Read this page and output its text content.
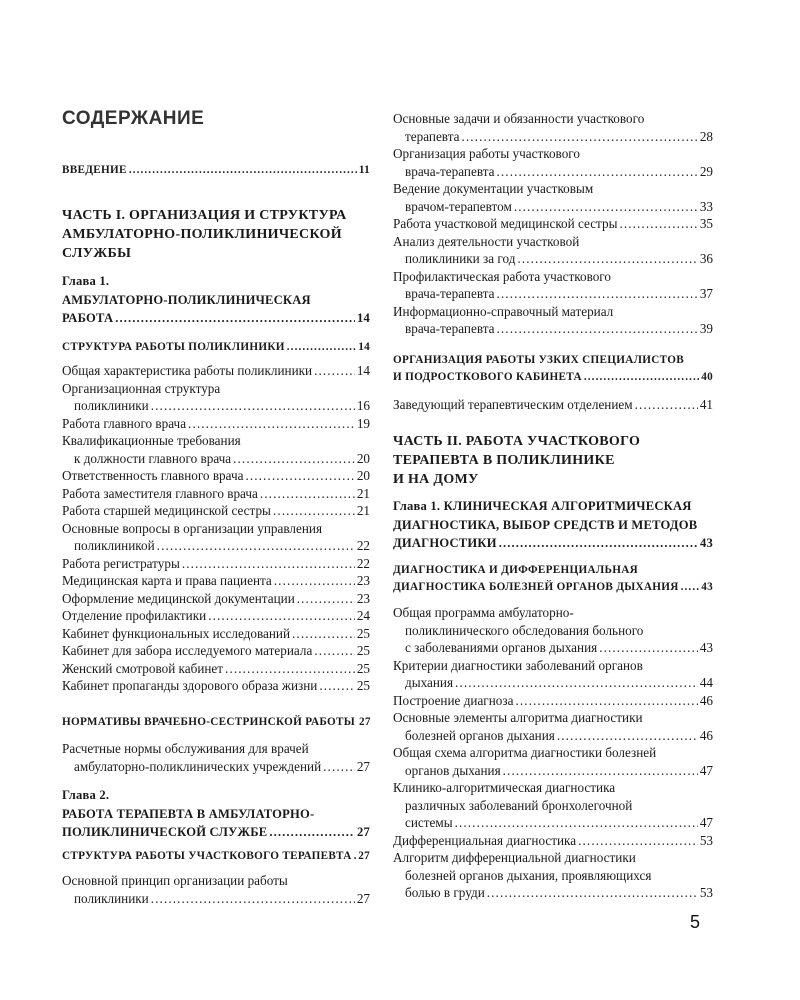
СОДЕРЖАНИЕ
ВВЕДЕНИЕ .....	11
ЧАСТЬ I. ОРГАНИЗАЦИЯ И СТРУКТУРА
АМБУЛАТОРНО-ПОЛИКЛИНИЧЕСКОЙ
СЛУЖБЫ
Глава 1.
АМБУЛАТОРНО-ПОЛИКЛИНИЧЕСКАЯ
РАБОТА .....	14
СТРУКТУРА РАБОТЫ ПОЛИКЛИНИКИ .....	14
Общая характеристика работы поликлиники .....	14
Организационная структура
поликлиники .....	16
Работа главного врача .....	19
Квалификационные требования
к должности главного врача .....	20
Ответственность главного врача .....	20
Работа заместителя главного врача .....	21
Работа старшей медицинской сестры .....	21
Основные вопросы в организации управления
поликлиникой .....	22
Работа регистратуры .....	22
Медицинская карта и права пациента .....	23
Оформление медицинской документации .....	23
Отделение профилактики .....	24
Кабинет функциональных исследований .....	25
Кабинет для забора исследуемого материала .....	25
Женский смотровой кабинет .....	25
Кабинет пропаганды здорового образа жизни .....	25
НОРМАТИВЫ ВРАЧЕБНО-СЕСТРИНСКОЙ РАБОТЫ 27
Расчетные нормы обслуживания для врачей
амбулаторно-поликлинических учреждений .....	27
Глава 2.
РАБОТА ТЕРАПЕВТА В АМБУЛАТОРНО-
ПОЛИКЛИНИЧЕСКОЙ СЛУЖБЕ .....	27
СТРУКТУРА РАБОТЫ УЧАСТКОВОГО ТЕРАПЕВТА ..... 27
Основной принцип организации работы
поликлиники .....	27
Основные задачи и обязанности участкового
терапевта .....	28
Организация работы участкового
врача-терапевта .....	29
Ведение документации участковым
врачом-терапевтом .....	33
Работа участковой медицинской сестры .....	35
Анализ деятельности участковой
поликлиники за год .....	36
Профилактическая работа участкового
врача-терапевта .....	37
Информационно-справочный материал
врача-терапевта .....	39
ОРГАНИЗАЦИЯ РАБОТЫ УЗКИХ СПЕЦИАЛИСТОВ
И ПОДРОСТКОВОГО КАБИНЕТА .....	40
Заведующий терапевтическим отделением .....	41
ЧАСТЬ II. РАБОТА УЧАСТКОВОГО
ТЕРАПЕВТА В ПОЛИКЛИНИКЕ
И НА ДОМУ
Глава 1. КЛИНИЧЕСКАЯ АЛГОРИТМИЧЕСКАЯ
ДИАГНОСТИКА, ВЫБОР СРЕДСТВ И МЕТОДОВ
ДИАГНОСТИКИ .....	43
ДИАГНОСТИКА И ДИФФЕРЕНЦИАЛЬНАЯ
ДИАГНОСТИКА БОЛЕЗНЕЙ ОРГАНОВ ДЫХАНИЯ ..... 43
Общая программа амбулаторно-
поликлинического обследования больного
с заболеваниями органов дыхания .....	43
Критерии диагностики заболеваний органов
дыхания .....	44
Построение диагноза .....	46
Основные элементы алгоритма диагностики
болезней органов дыхания .....	46
Общая схема алгоритма диагностики болезней
органов дыхания .....	47
Клинико-алгоритмическая диагностика
различных заболеваний бронхолегочной
системы .....	47
Дифференциальная диагностика .....	53
Алгоритм дифференциальной диагностики
болезней органов дыхания, проявляющихся
болью в груди .....	53
5
